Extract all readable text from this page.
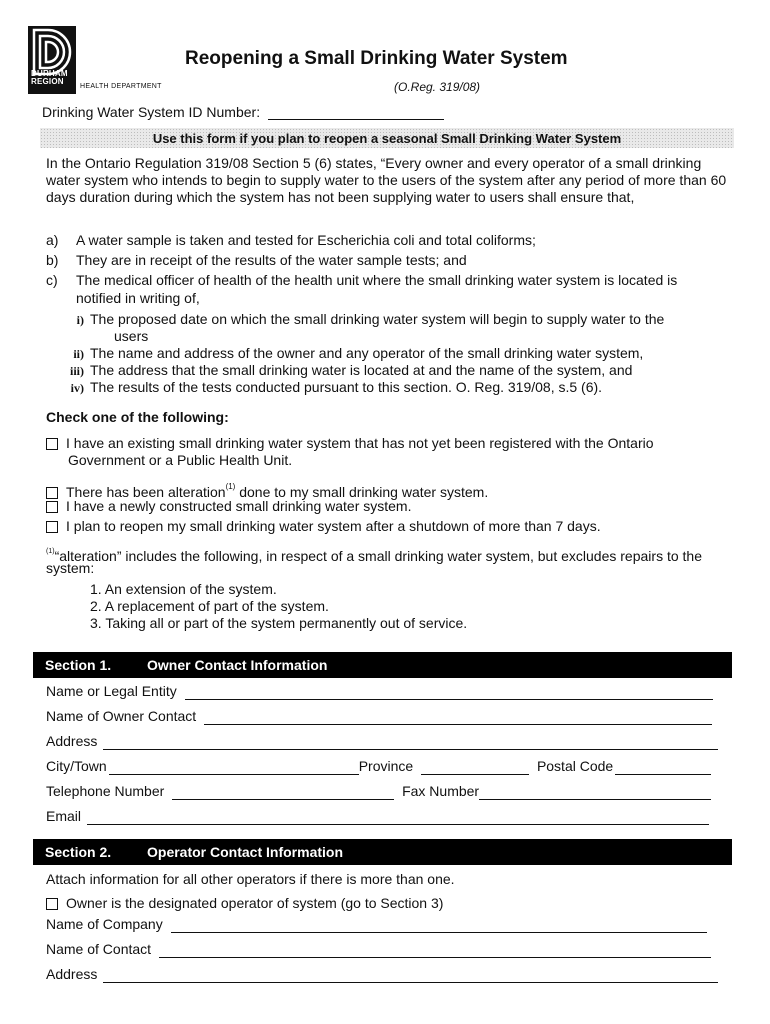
DURHAM
REGION
HEALTH DEPARTMENT
Reopening a Small Drinking Water System
(O.Reg. 319/08)
Drinking Water System ID Number:
Use this form if you plan to reopen a seasonal Small Drinking Water System
In the Ontario Regulation 319/08 Section 5 (6) states, “Every owner and every operator of a small drinking water system who intends to begin to supply water to the users of the system after any period of more than 60 days duration during which the system has not been supplying water to users shall ensure that,
a) A water sample is taken and tested for Escherichia coli and total coliforms;
b) They are in receipt of the results of the water sample tests; and
c) The medical officer of health of the health unit where the small drinking water system is located is
notified in writing of,
i) The proposed date on which the small drinking water system will begin to supply water to the
users
ii) The name and address of the owner and any operator of the small drinking water system,
iii) The address that the small drinking water is located at and the name of the system, and
iv) The results of the tests conducted pursuant to this section. O. Reg. 319/08, s.5 (6).
Check one of the following:
I have an existing small drinking water system that has not yet been registered with the Ontario
Government or a Public Health Unit.
There has been alteration$^{(1)}$ done to my small drinking water system.
I have a newly constructed small drinking water system.
I plan to reopen my small drinking water system after a shutdown of more than 7 days.
$^{(1)}$“alteration” includes the following, in respect of a small drinking water system, but excludes repairs to the
system:
1. An extension of the system.
2. A replacement of part of the system.
3. Taking all or part of the system permanently out of service.
Section 1.	Owner Contact Information
Name or Legal Entity
Name of Owner Contact
Address
City/Town	Province	Postal Code
Telephone Number	Fax Number
Email
Section 2.	Operator Contact Information
Attach information for all other operators if there is more than one.
Owner is the designated operator of system (go to Section 3)
Name of Company
Name of Contact
Address
